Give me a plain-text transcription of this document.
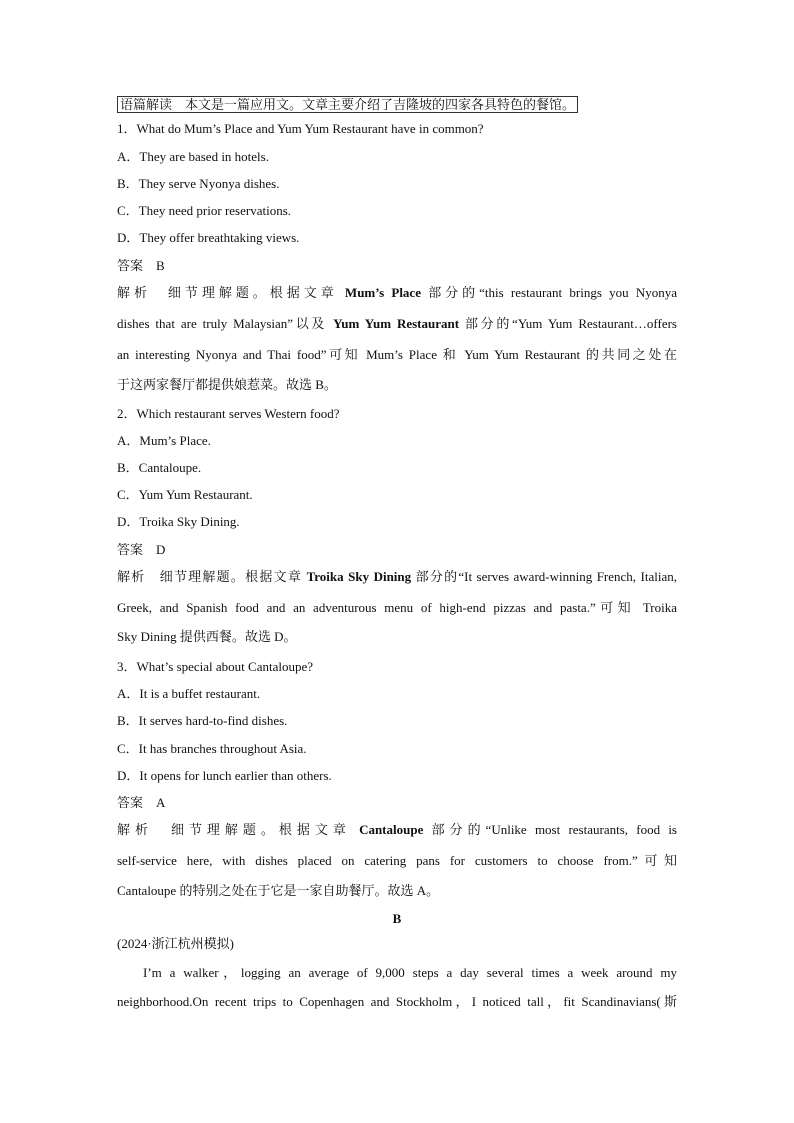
语篇解读　本文是一篇应用文。文章主要介绍了吉隆坡的四家各具特色的餐馆。
1．What do Mum’s Place and Yum Yum Restaurant have in common?
A．They are based in hotels.
B．They serve Nyonya dishes.
C．They need prior reservations.
D．They offer breathtaking views.
答案　B
解析　细节理解题。根据文章 Mum’s Place 部分的“this restaurant brings you Nyonya
dishes that are truly Malaysian”以及 Yum Yum Restaurant 部分的“Yum Yum Restaurant…offers
an interesting Nyonya and Thai food”可知 Mum’s Place 和 Yum Yum Restaurant 的共同之处在
于这两家餐厅都提供娘惹菜。故选 B。
2．Which restaurant serves Western food?
A．Mum’s Place.
B．Cantaloupe.
C．Yum Yum Restaurant.
D．Troika Sky Dining.
答案　D
解析　细节理解题。根据文章 Troika Sky Dining 部分的“It serves award-winning French, Italian,
Greek, and Spanish food and an adventurous menu of high-end pizzas and pasta.”可知 Troika
Sky Dining 提供西餐。故选 D。
3．What’s special about Cantaloupe?
A．It is a buffet restaurant.
B．It serves hard-to-find dishes.
C．It has branches throughout Asia.
D．It opens for lunch earlier than others.
答案　A
解析　细节理解题。根据文章 Cantaloupe 部分的“Unlike most restaurants, food is
self-service here, with dishes placed on catering pans for customers to choose from.”可知
Cantaloupe 的特别之处在于它是一家自助餐厅。故选 A。
B
(2024·浙江杭州模拟)
I’m a walker，logging an average of 9,000 steps a day several times a week around my
neighborhood.On recent trips to Copenhagen and Stockholm，I noticed tall，fit Scandinavians(斯
